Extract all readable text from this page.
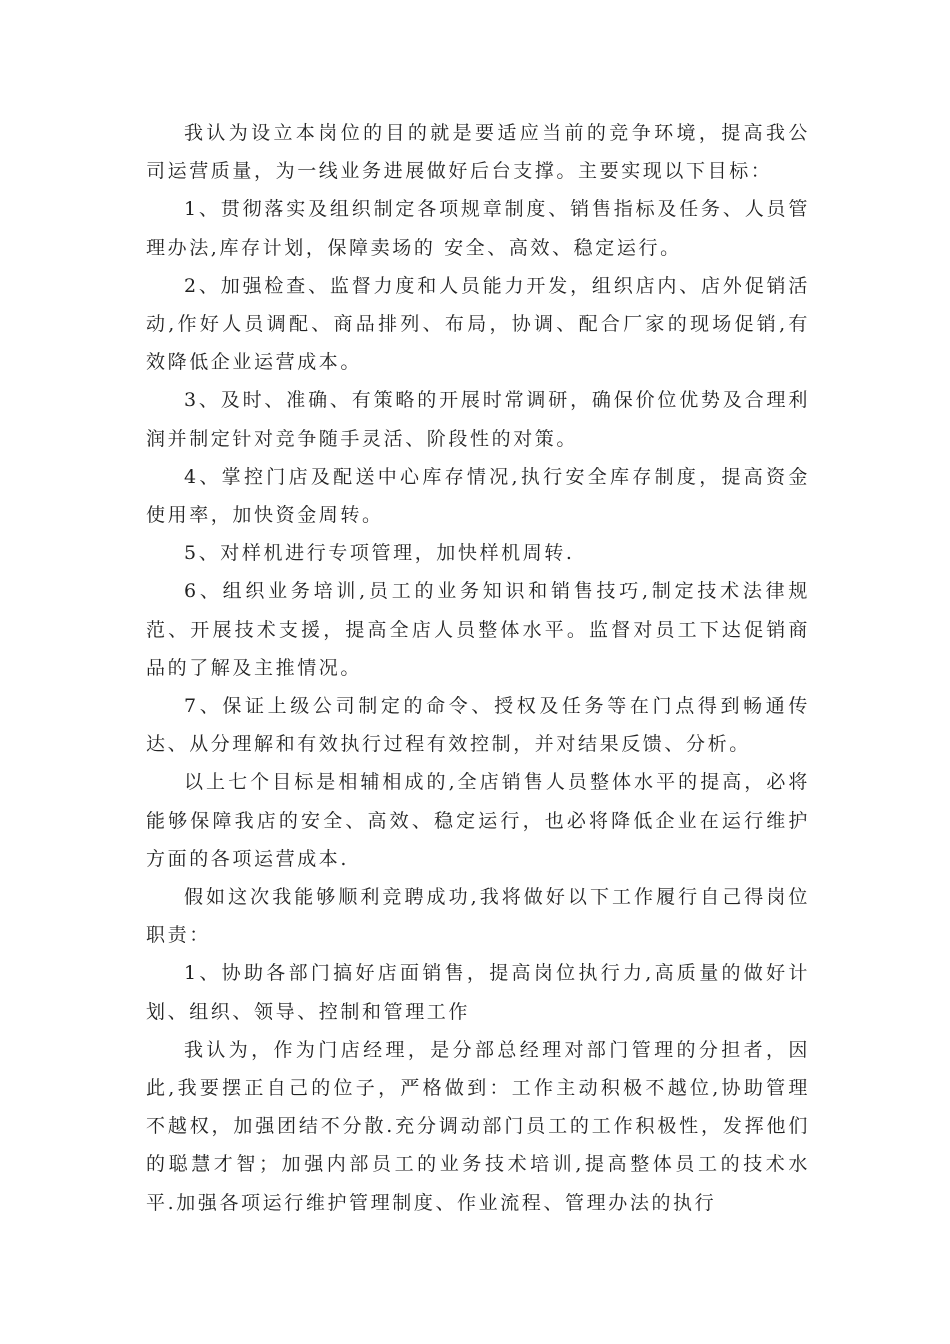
我认为设立本岗位的目的就是要适应当前的竞争环境，提高我公司运营质量，为一线业务进展做好后台支撑。主要实现以下目标：

1、贯彻落实及组织制定各项规章制度、销售指标及任务、人员管理办法,库存计划，保障卖场的 安全、高效、稳定运行。

2、加强检查、监督力度和人员能力开发，组织店内、店外促销活动,作好人员调配、商品排列、布局，协调、配合厂家的现场促销,有效降低企业运营成本。

3、及时、准确、有策略的开展时常调研，确保价位优势及合理利润并制定针对竞争随手灵活、阶段性的对策。

4、掌控门店及配送中心库存情况,执行安全库存制度，提高资金使用率，加快资金周转。

5、对样机进行专项管理，加快样机周转.

6、组织业务培训,员工的业务知识和销售技巧,制定技术法律规范、开展技术支援，提高全店人员整体水平。监督对员工下达促销商品的了解及主推情况。

7、保证上级公司制定的命令、授权及任务等在门点得到畅通传达、从分理解和有效执行过程有效控制，并对结果反馈、分析。

以上七个目标是相辅相成的,全店销售人员整体水平的提高，必将能够保障我店的安全、高效、稳定运行，也必将降低企业在运行维护方面的各项运营成本.

假如这次我能够顺利竞聘成功,我将做好以下工作履行自己得岗位职责：

1、协助各部门搞好店面销售，提高岗位执行力,高质量的做好计划、组织、领导、控制和管理工作

我认为，作为门店经理，是分部总经理对部门管理的分担者，因此,我要摆正自己的位子，严格做到：工作主动积极不越位,协助管理不越权，加强团结不分散.充分调动部门员工的工作积极性，发挥他们的聪慧才智；加强内部员工的业务技术培训,提高整体员工的技术水平.加强各项运行维护管理制度、作业流程、管理办法的执行
